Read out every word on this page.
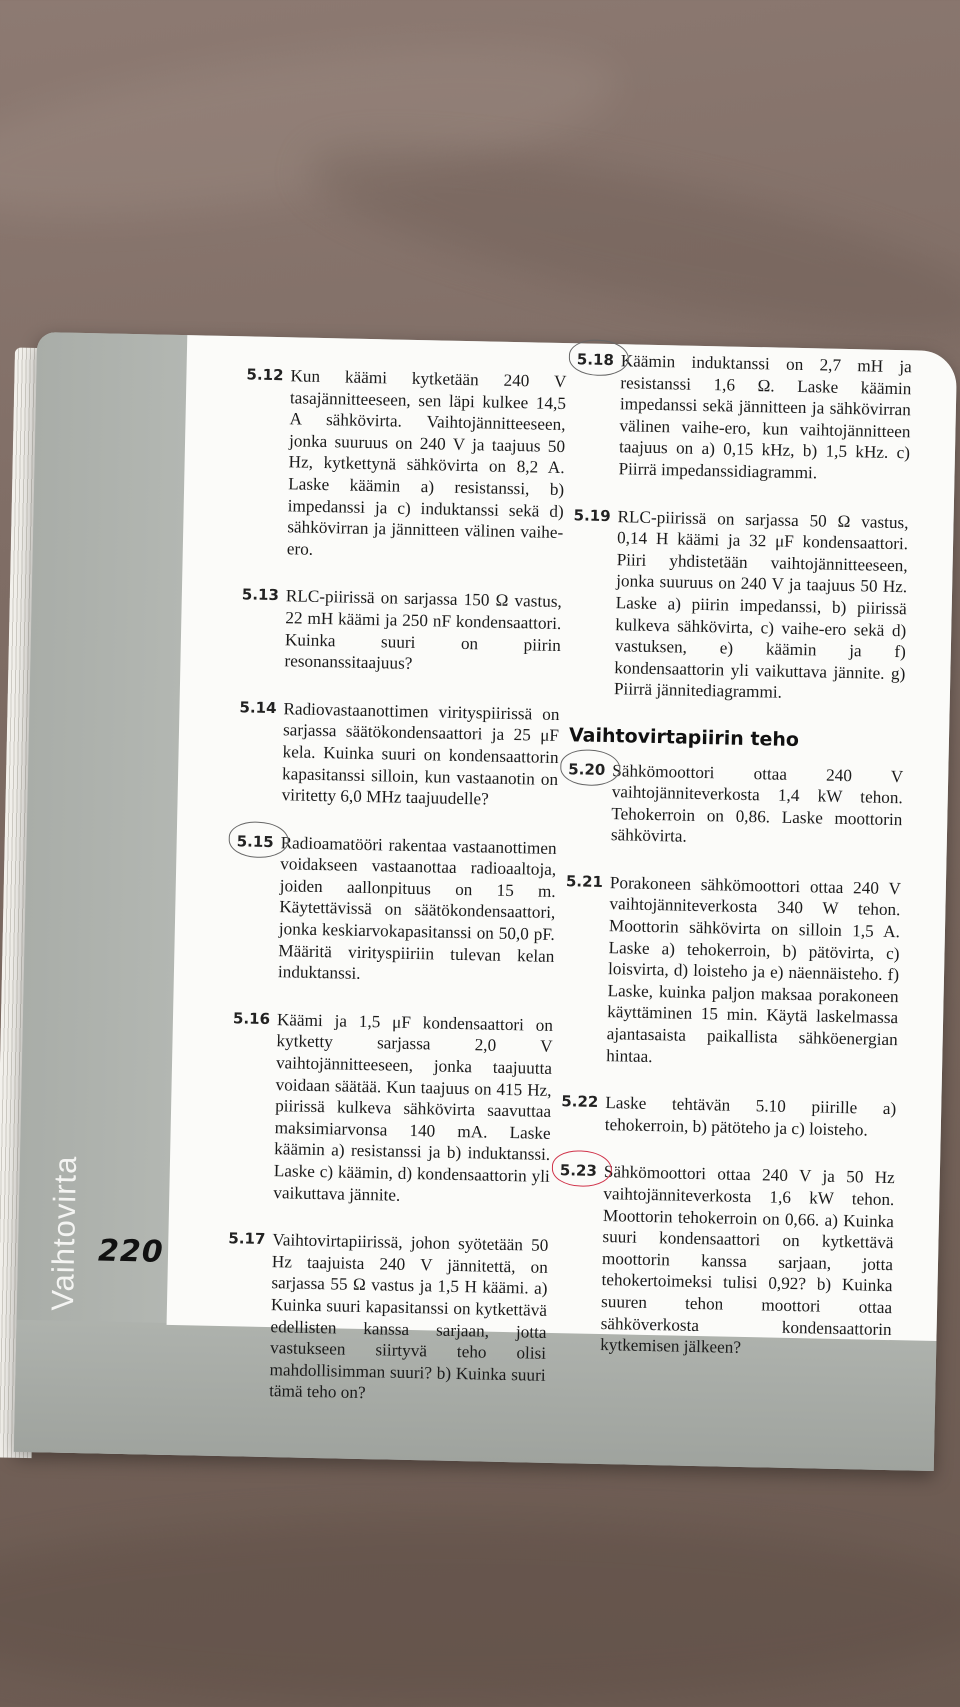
Vaihtovirta 220
5.12 Kun käämi kytketään 240 V tasajännitteeseen, sen läpi kulkee 14,5 A sähkövirta. Vaihtojännitteeseen, jonka suuruus on 240 V ja taajuus 50 Hz, kytkettynä sähkövirta on 8,2 A. Laske käämin a) resistanssi, b) impedanssi ja c) induktanssi sekä d) sähkövirran ja jännitteen välinen vaihe-ero.
5.13 RLC-piirissä on sarjassa 150 Ω vastus, 22 mH käämi ja 250 nF kondensaattori. Kuinka suuri on piirin resonanssitaajuus?
5.14 Radiovastaanottimen virityspiirissä on sarjassa säätökondensaattori ja 25 μF kela. Kuinka suuri on kondensaattorin kapasitanssi silloin, kun vastaanotin on viritetty 6,0 MHz taajuudelle?
5.15 Radioamatööri rakentaa vastaanottimen voidakseen vastaanottaa radioaaltoja, joiden aallonpituus on 15 m. Käytettävissä on säätökondensaattori, jonka keskiarvokapasitanssi on 50,0 pF. Määritä virityspiiriin tulevan kelan induktanssi.
5.16 Käämi ja 1,5 μF kondensaattori on kytketty sarjassa 2,0 V vaihtojännitteeseen, jonka taajuutta voidaan säätää. Kun taajuus on 415 Hz, piirissä kulkeva sähkövirta saavuttaa maksimiarvonsa 140 mA. Laske käämin a) resistanssi ja b) induktanssi. Laske c) käämin, d) kondensaattorin yli vaikuttava jännite.
5.17 Vaihtovirtapiirissä, johon syötetään 50 Hz taajuista 240 V jännitettä, on sarjassa 55 Ω vastus ja 1,5 H käämi. a) Kuinka suuri kapasitanssi on kytkettävä edellisten kanssa sarjaan, jotta vastukseen siirtyvä teho olisi mahdollisimman suuri? b) Kuinka suuri tämä teho on?
5.18 Käämin induktanssi on 2,7 mH ja resistanssi 1,6 Ω. Laske käämin impedanssi sekä jännitteen ja sähkövirran välinen vaihe-ero, kun vaihtojännitteen taajuus on a) 0,15 kHz, b) 1,5 kHz. c) Piirrä impedanssidiagrammi.
5.19 RLC-piirissä on sarjassa 50 Ω vastus, 0,14 H käämi ja 32 μF kondensaattori. Piiri yhdistetään vaihtojännitteeseen, jonka suuruus on 240 V ja taajuus 50 Hz. Laske a) piirin impedanssi, b) piirissä kulkeva sähkövirta, c) vaihe-ero sekä d) vastuksen, e) käämin ja f) kondensaattorin yli vaikuttava jännite. g) Piirrä jännitediagrammi.
Vaihtovirtapiirin teho
5.20 Sähkömoottori ottaa 240 V vaihtojänniteverkosta 1,4 kW tehon. Tehokerroin on 0,86. Laske moottorin sähkövirta.
5.21 Porakoneen sähkömoottori ottaa 240 V vaihtojänniteverkosta 340 W tehon. Moottorin sähkövirta on silloin 1,5 A. Laske a) tehokerroin, b) pätövirta, c) loisvirta, d) loisteho ja e) näennäisteho. f) Laske, kuinka paljon maksaa porakoneen käyttäminen 15 min. Käytä laskelmassa ajantasaista paikallista sähköenergian hintaa.
5.22 Laske tehtävän 5.10 piirille a) tehokerroin, b) pätöteho ja c) loisteho.
5.23 Sähkömoottori ottaa 240 V ja 50 Hz vaihtojänniteverkosta 1,6 kW tehon. Moottorin tehokerroin on 0,66. a) Kuinka suuri kondensaattori on kytkettävä moottorin kanssa sarjaan, jotta tehokertoimeksi tulisi 0,92? b) Kuinka suuren tehon moottori ottaa sähköverkosta kondensaattorin kytkemisen jälkeen?
